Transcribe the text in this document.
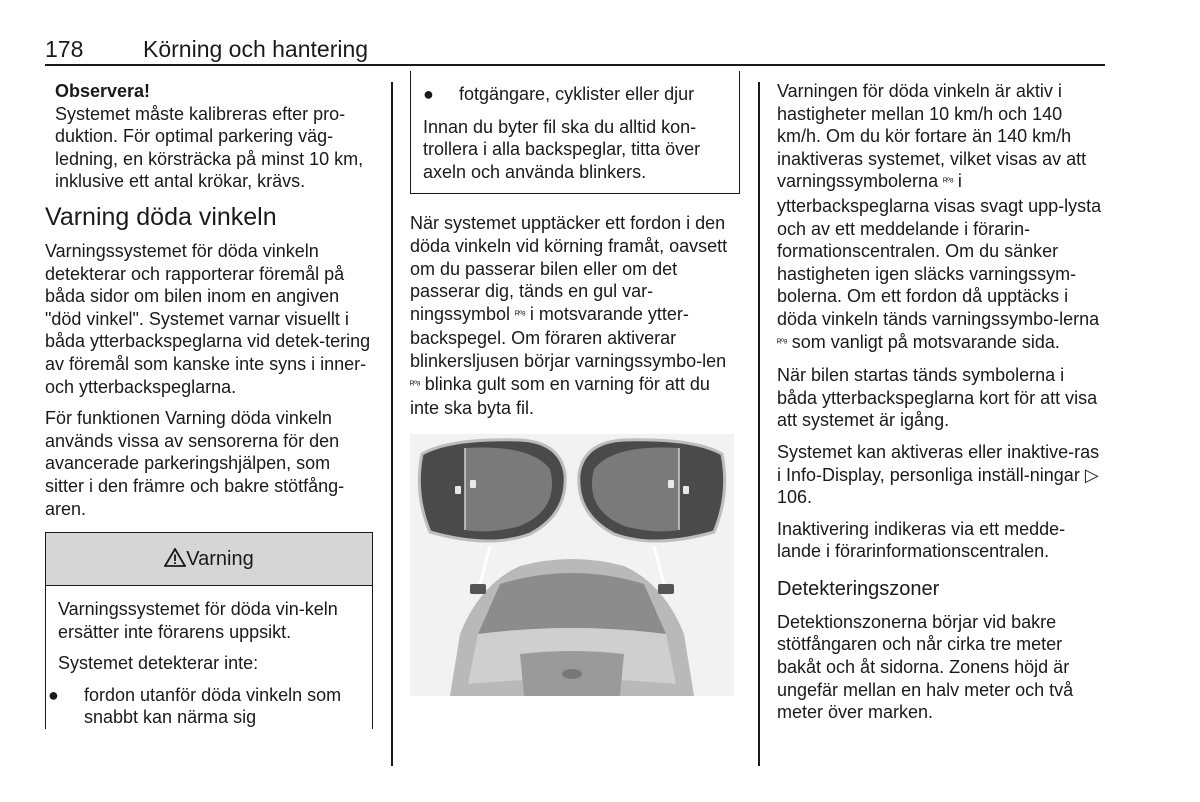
178	Körning och hantering
Observera!

Systemet måste kalibreras efter pro-duktion. För optimal parkering väg-ledning, en körsträcka på minst 10 km, inklusive ett antal krökar, krävs.

Varning döda vinkeln

Varningssystemet för döda vinkeln detekterar och rapporterar föremål på båda sidor om bilen inom en angiven "död vinkel". Systemet varnar visuellt i båda ytterbackspeglarna vid detek-tering av föremål som kanske inte syns i inner- och ytterbackspeglarna.

För funktionen Varning döda vinkeln används vissa av sensorerna för den avancerade parkeringshjälpen, som sitter i den främre och bakre stötfång-aren.

Varning

Varningssystemet för döda vin-keln ersätter inte förarens uppsikt.

Systemet detekterar inte:

● fordon utanför döda vinkeln som snabbt kan närma sig
● fotgängare, cyklister eller djur
Innan du byter fil ska du alltid kon-trollera i alla backspeglar, titta över axeln och använda blinkers.

När systemet upptäcker ett fordon i den döda vinkeln vid körning framåt, oavsett om du passerar bilen eller om det passerar dig, tänds en gul var-ningssymbol ᴿ°⁸ i motsvarande ytter-backspegel. Om föraren aktiverar blinkersljusen börjar varningssymbo-len ᴿ°⁸ blinka gult som en varning för att du inte ska byta fil.

Varningen för döda vinkeln är aktiv i hastigheter mellan 10 km/h och 140 km/h. Om du kör fortare än 140 km/h inaktiveras systemet, vilket visas av att varningssymbolerna ᴿ°⁸ i ytterbackspeglarna visas svagt upp-lysta och av ett meddelande i förarin-formationscentralen. Om du sänker hastigheten igen släcks varningssym-bolerna. Om ett fordon då upptäcks i döda vinkeln tänds varningssymbo-lerna ᴿ°⁸ som vanligt på motsvarande sida.

När bilen startas tänds symbolerna i båda ytterbackspeglarna kort för att visa att systemet är igång.

Systemet kan aktiveras eller inaktive-ras i Info-Display, personliga inställ-ningar ▷ 106.

Inaktivering indikeras via ett medde-lande i förarinformationscentralen.

Detekteringszoner

Detektionszonerna börjar vid bakre stötfångaren och når cirka tre meter bakåt och åt sidorna. Zonens höjd är ungefär mellan en halv meter och två meter över marken.
